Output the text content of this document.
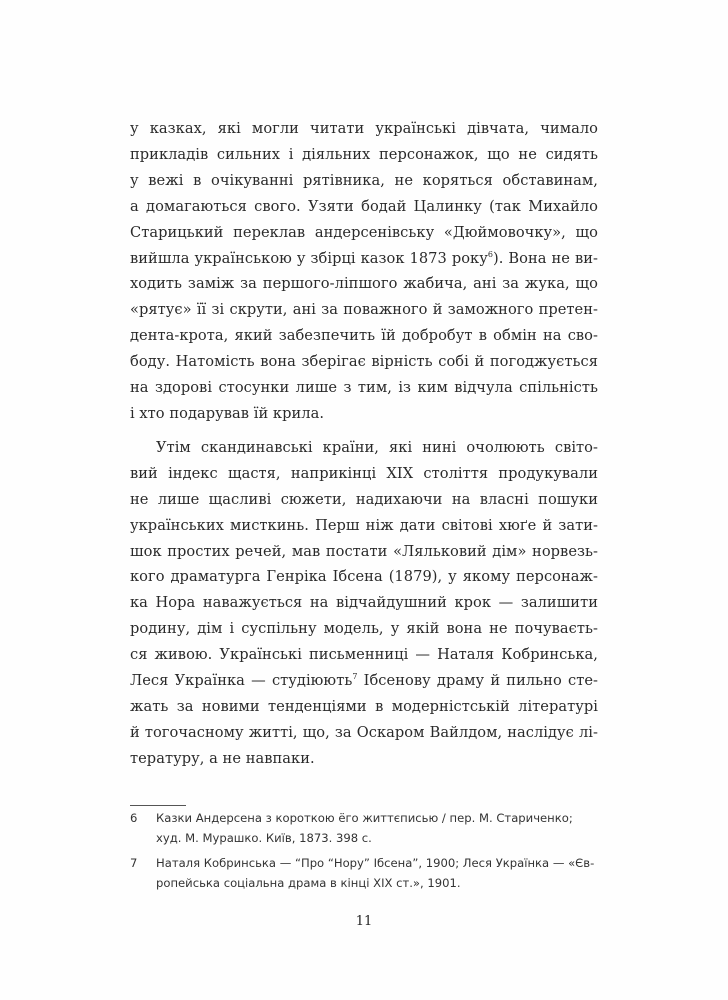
у казках, які могли читати українські дівчата, чимало
прикладів сильних і діяльних персонажок, що не сидять
у вежі в очікуванні рятівника, не коряться обставинам,
а домагаються свого. Узяти бодай Цалинку (так Михайло
Старицький переклав андерсенівську «Дюймовочку», що
вийшла українською у збірці казок 1873 року$^6$). Вона не ви-
ходить заміж за першого-ліпшого жабича, ані за жука, що
«рятує» її зі скрути, ані за поважного й заможного претен-
дента-крота, який забезпечить їй добробут в обмін на сво-
боду. Натомість вона зберігає вірність собі й погоджується
на здорові стосунки лише з тим, із ким відчула спільність
і хто подарував їй крила.
Утім скандинавські країни, які нині очолюють світо-
вий індекс щастя, наприкінці XIX століття продукували
не лише щасливі сюжети, надихаючи на власні пошуки
українських мисткинь. Перш ніж дати світові хюґе й зати-
шок простих речей, мав постати «Ляльковий дім» норвезь-
кого драматурга Генріка Ібсена (1879), у якому персонаж-
ка Нора наважується на відчайдушний крок — залишити
родину, дім і суспільну модель, у якій вона не почуваєть-
ся живою. Українські письменниці — Наталя Кобринська,
Леся Українка — студіюють$^7$ Ібсенову драму й пильно сте-
жать за новими тенденціями в модерністській літературі
й тогочасному житті, що, за Оскаром Вайлдом, наслідує лі-
тературу, а не навпаки.
6	Казки Андерсена з короткою ёго життєписью / пер. М. Стариченко;
худ. М. Мурашко. Київ, 1873. 398 с.
7	Наталя Кобринська — “Про “Нору” Ібсена”, 1900; Леся Українка — «Єв-
ропейська соціальна драма в кінці XIX ст.», 1901.
11
